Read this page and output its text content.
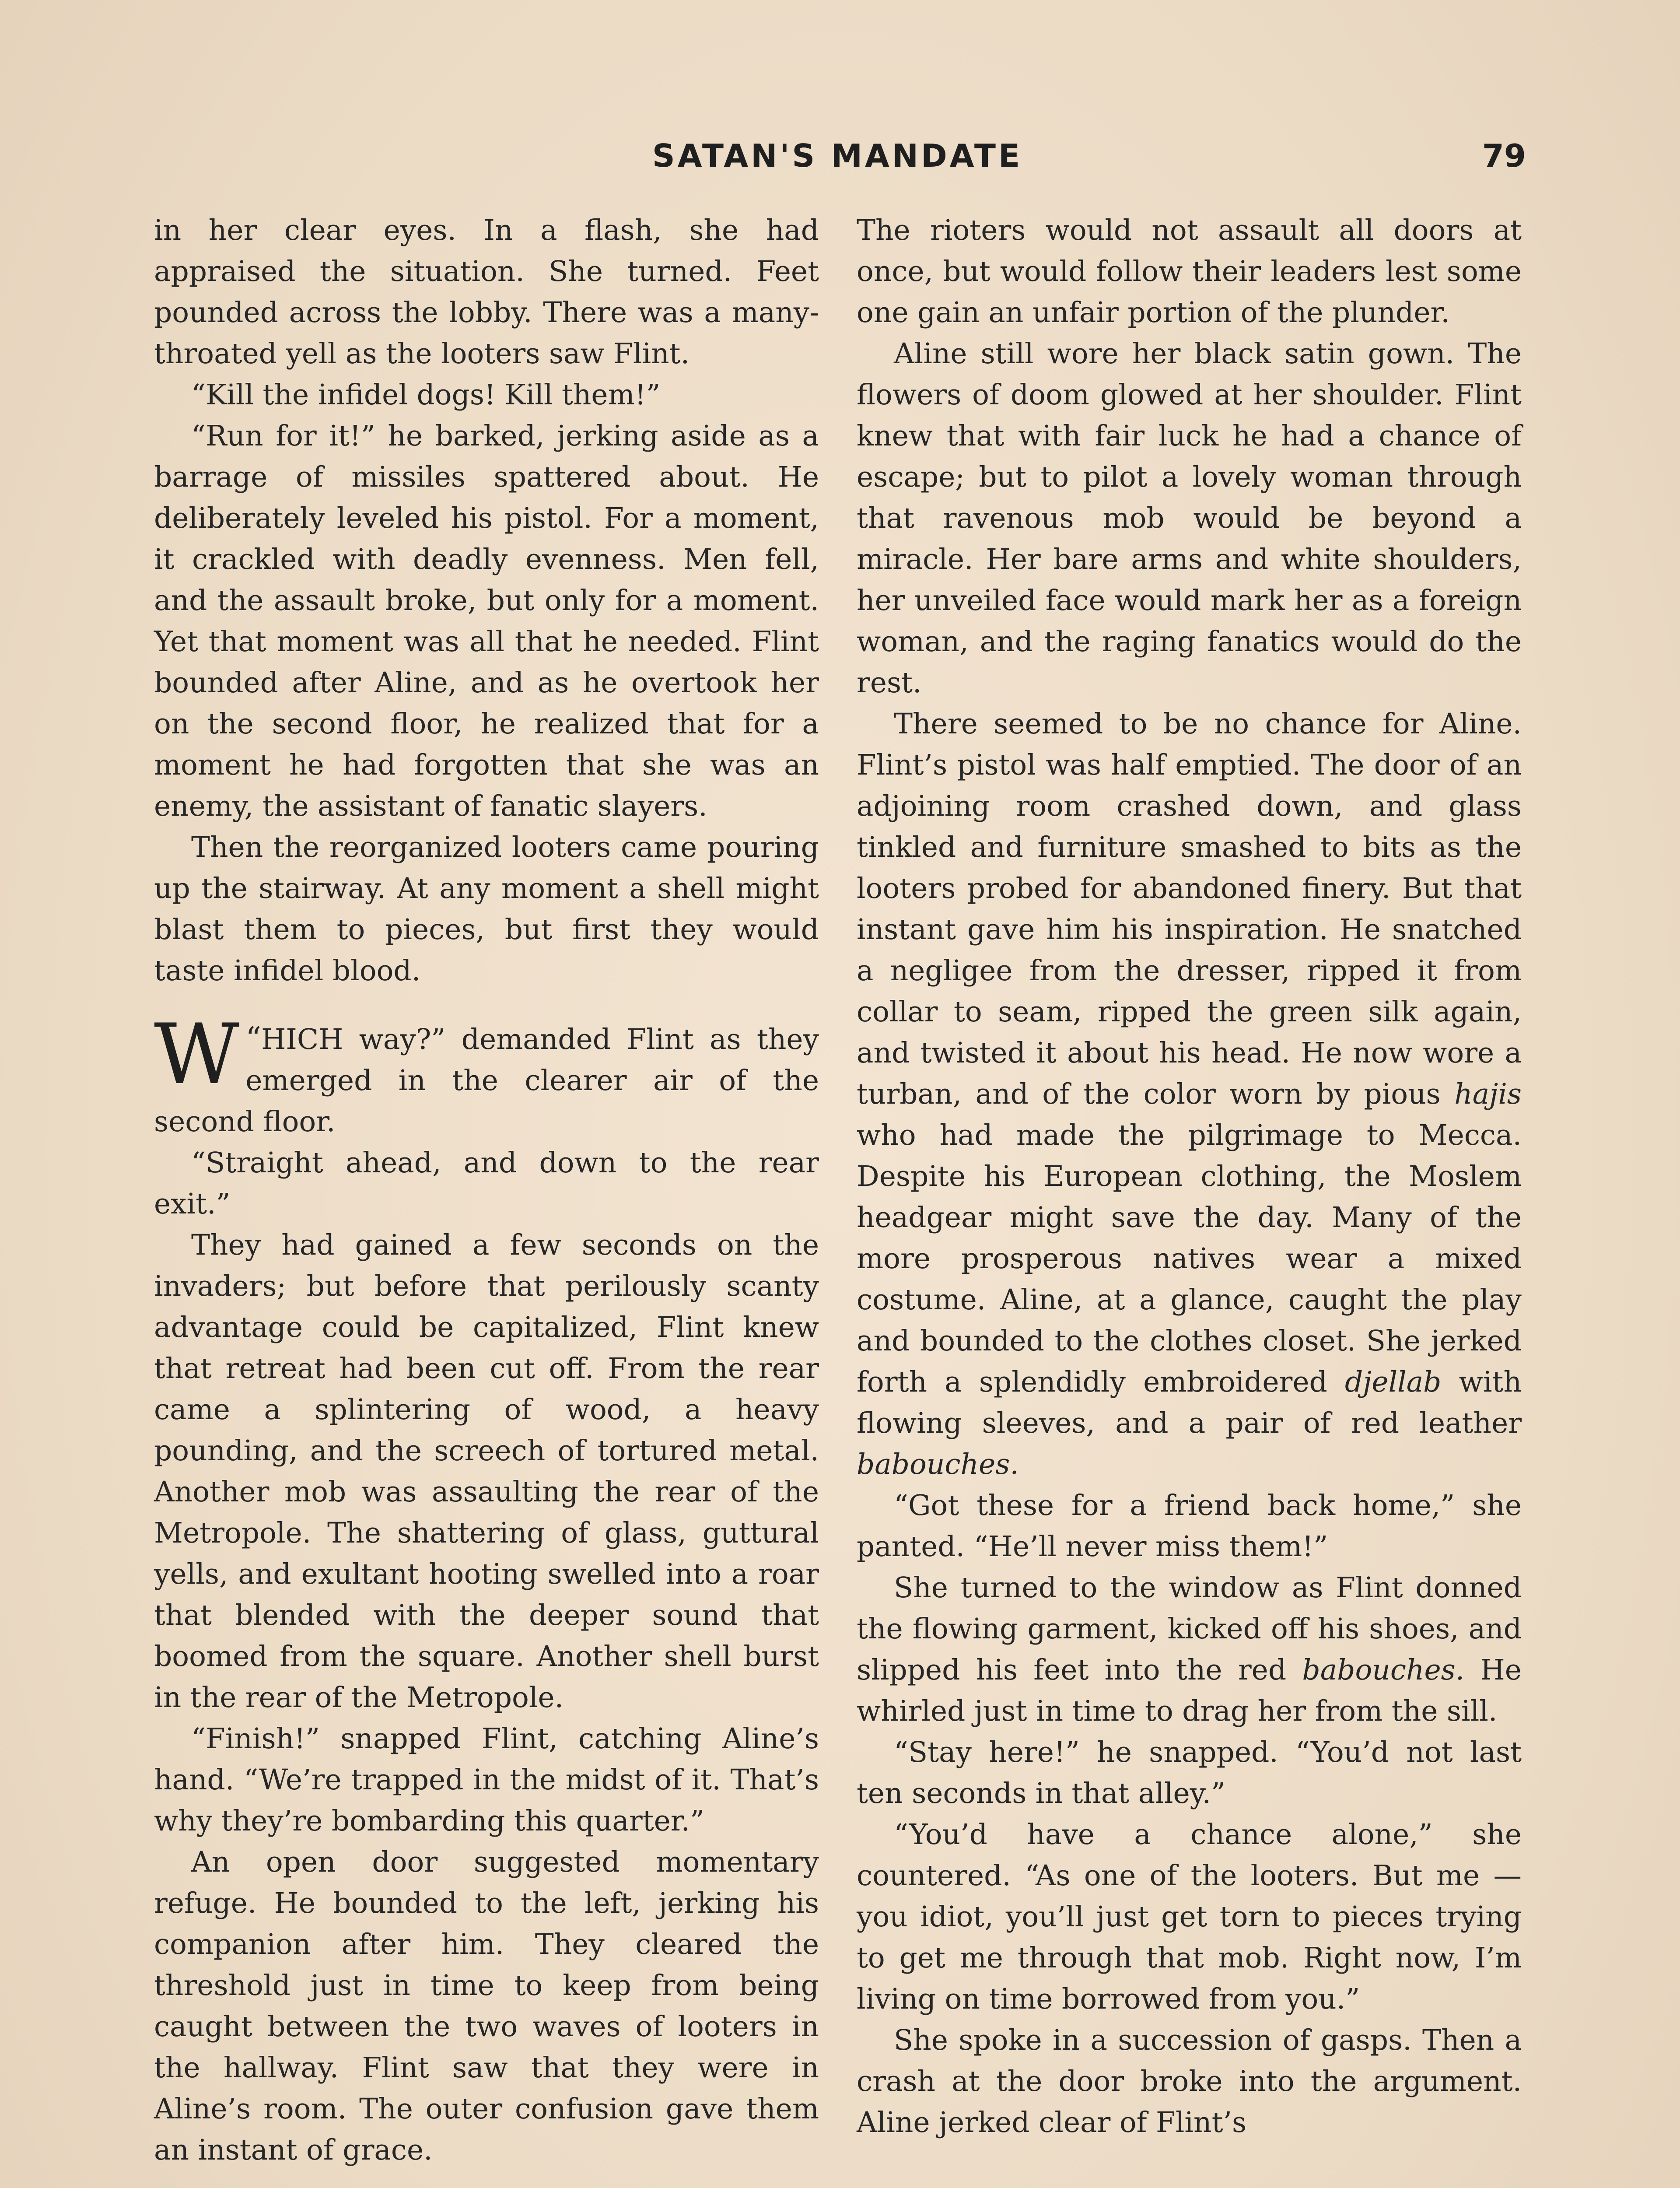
SATAN'S MANDATE	79

in her clear eyes. In a flash, she had appraised the situation. She turned. Feet pounded across the lobby. There was a many-throated yell as the looters saw Flint.

“Kill the infidel dogs! Kill them!”

“Run for it!” he barked, jerking aside as a barrage of missiles spattered about. He deliberately leveled his pistol. For a moment, it crackled with deadly evenness. Men fell, and the assault broke, but only for a moment. Yet that moment was all that he needed. Flint bounded after Aline, and as he overtook her on the second floor, he realized that for a moment he had forgotten that she was an enemy, the assistant of fanatic slayers.

Then the reorganized looters came pouring up the stairway. At any moment a shell might blast them to pieces, but first they would taste infidel blood.

“
W HICH way?” demanded Flint as they emerged in the clearer air of the second floor.

“Straight ahead, and down to the rear exit.”

They had gained a few seconds on the invaders; but before that perilously scanty advantage could be capitalized, Flint knew that retreat had been cut off. From the rear came a splintering of wood, a heavy pounding, and the screech of tortured metal. Another mob was assaulting the rear of the Metropole. The shattering of glass, guttural yells, and exultant hooting swelled into a roar that blended with the deeper sound that boomed from the square. Another shell burst in the rear of the Metropole.

“Finish!” snapped Flint, catching Aline’s hand. “We’re trapped in the midst of it. That’s why they’re bombarding this quarter.”

An open door suggested momentary refuge. He bounded to the left, jerking his companion after him. They cleared the threshold just in time to keep from being caught between the two waves of looters in the hallway. Flint saw that they were in Aline’s room. The outer confusion gave them an instant of grace.

The rioters would not assault all doors at once, but would follow their leaders lest some one gain an unfair portion of the plunder.

Aline still wore her black satin gown. The flowers of doom glowed at her shoulder. Flint knew that with fair luck he had a chance of escape; but to pilot a lovely woman through that ravenous mob would be beyond a miracle. Her bare arms and white shoulders, her unveiled face would mark her as a foreign woman, and the raging fanatics would do the rest.

There seemed to be no chance for Aline. Flint’s pistol was half emptied. The door of an adjoining room crashed down, and glass tinkled and furniture smashed to bits as the looters probed for abandoned finery. But that instant gave him his inspiration. He snatched a negligee from the dresser, ripped it from collar to seam, ripped the green silk again, and twisted it about his head. He now wore a turban, and of the color worn by pious hajis who had made the pilgrimage to Mecca. Despite his European clothing, the Moslem headgear might save the day. Many of the more prosperous natives wear a mixed costume. Aline, at a glance, caught the play and bounded to the clothes closet. She jerked forth a splendidly embroidered djellab with flowing sleeves, and a pair of red leather babouches.

“Got these for a friend back home,” she panted. “He’ll never miss them!”

She turned to the window as Flint donned the flowing garment, kicked off his shoes, and slipped his feet into the red babouches. He whirled just in time to drag her from the sill.

“Stay here!” he snapped. “You’d not last ten seconds in that alley.”

“You’d have a chance alone,” she countered. “As one of the looters. But me —you idiot, you’ll just get torn to pieces trying to get me through that mob. Right now, I’m living on time borrowed from you.”

She spoke in a succession of gasps. Then a crash at the door broke into the argument. Aline jerked clear of Flint’s
